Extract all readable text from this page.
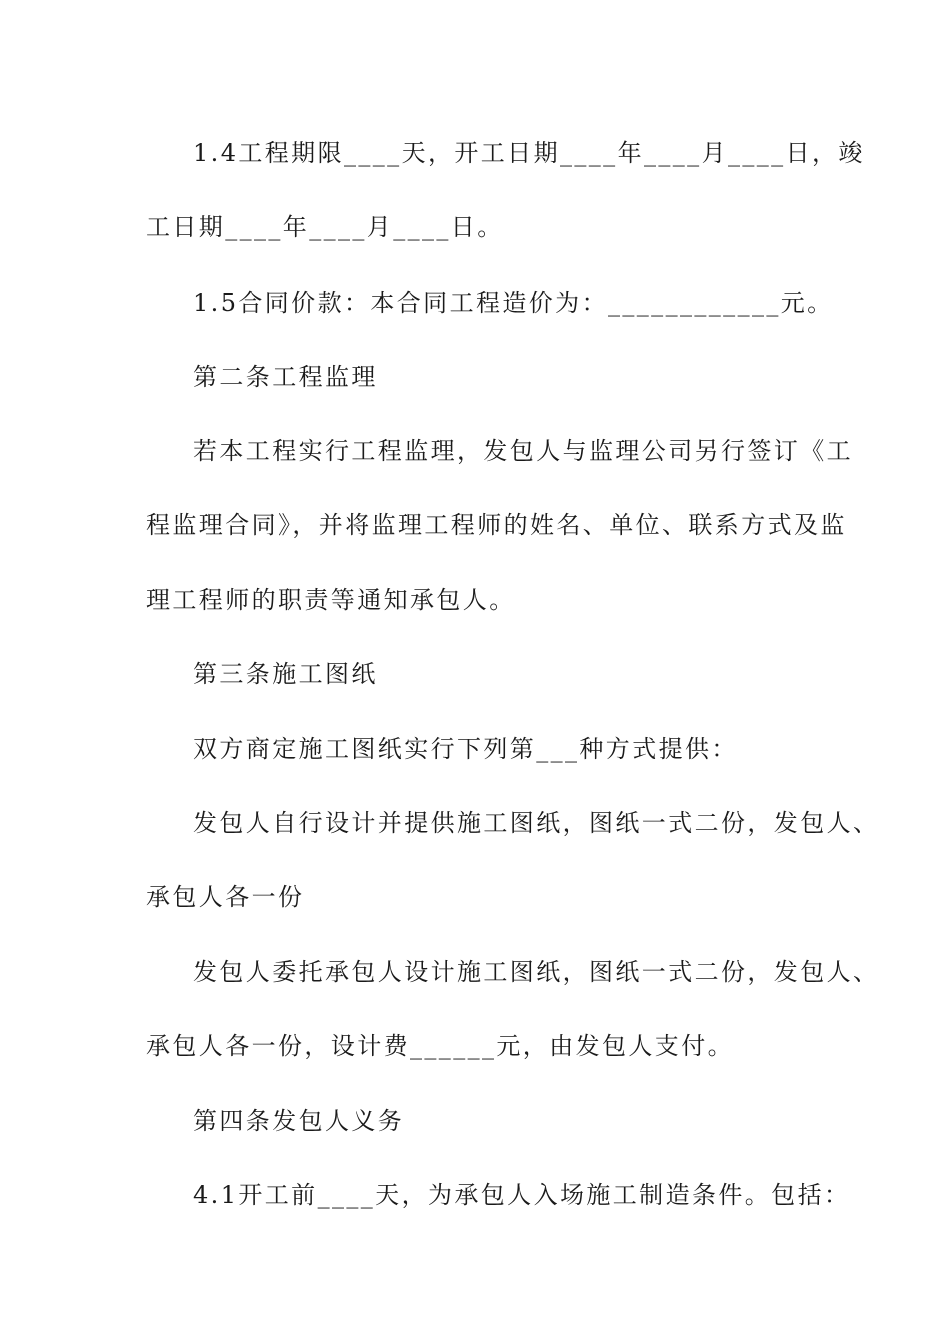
1.4工程期限____天，开工日期____年____月____日，竣
工日期____年____月____日。
1.5合同价款：本合同工程造价为：____________元。
第二条工程监理
若本工程实行工程监理，发包人与监理公司另行签订《工
程监理合同》，并将监理工程师的姓名、单位、联系方式及监
理工程师的职责等通知承包人。
第三条施工图纸
双方商定施工图纸实行下列第___种方式提供：
发包人自行设计并提供施工图纸，图纸一式二份，发包人、
承包人各一份
发包人委托承包人设计施工图纸，图纸一式二份，发包人、
承包人各一份，设计费______元，由发包人支付。
第四条发包人义务
4.1开工前____天，为承包人入场施工制造条件。包括：
